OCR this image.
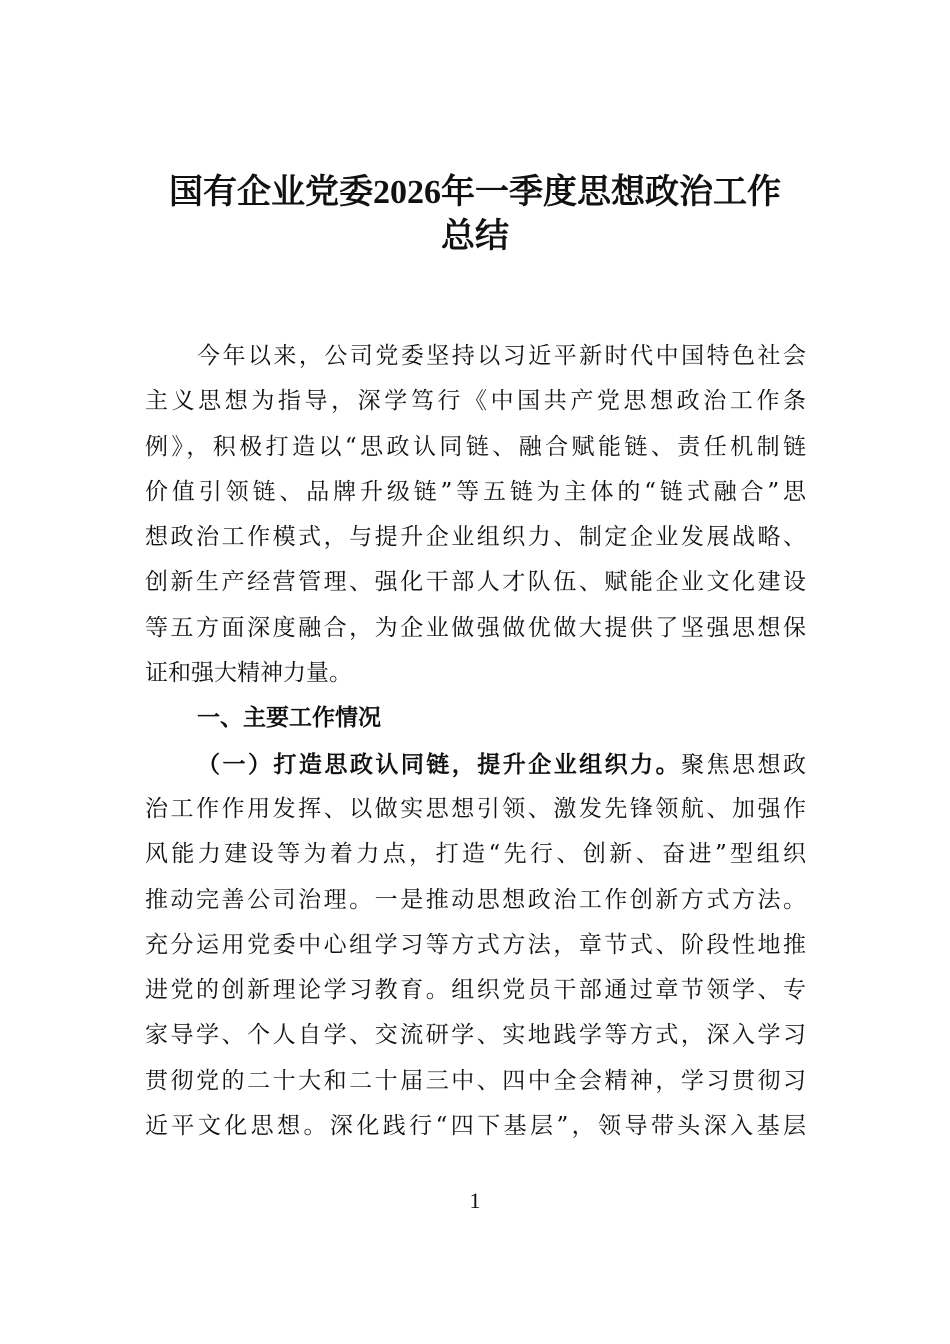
国有企业党委2026年一季度思想政治工作
总结
今年以来，公司党委坚持以习近平新时代中国特色社会
主义思想为指导，深学笃行《中国共产党思想政治工作条
例》，积极打造以“思政认同链、融合赋能链、责任机制链
价值引领链、品牌升级链”等五链为主体的“链式融合”思
想政治工作模式，与提升企业组织力、制定企业发展战略、
创新生产经营管理、强化干部人才队伍、赋能企业文化建设
等五方面深度融合，为企业做强做优做大提供了坚强思想保
证和强大精神力量。
一、主要工作情况
（一）打造思政认同链，提升企业组织力。聚焦思想政
治工作作用发挥、以做实思想引领、激发先锋领航、加强作
风能力建设等为着力点，打造“先行、创新、奋进”型组织
推动完善公司治理。一是推动思想政治工作创新方式方法。
充分运用党委中心组学习等方式方法，章节式、阶段性地推
进党的创新理论学习教育。组织党员干部通过章节领学、专
家导学、个人自学、交流研学、实地践学等方式，深入学习
贯彻党的二十大和二十届三中、四中全会精神，学习贯彻习
近平文化思想。深化践行“四下基层”，领导带头深入基层
1
